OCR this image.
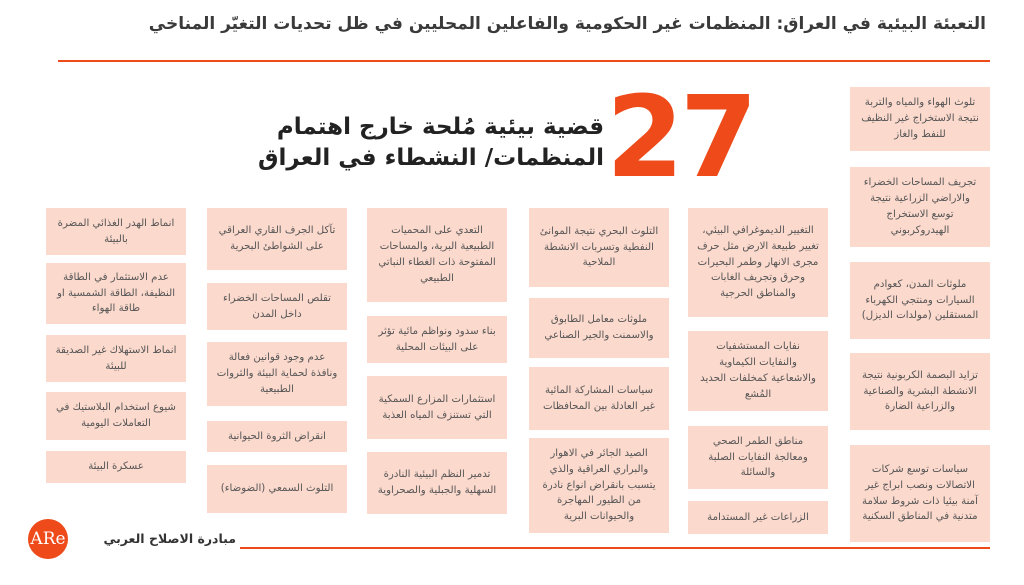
التعبئة البيئية في العراق: المنظمات غير الحكومية والفاعلين المحليين في ظل تحديات التغيّر المناخي
27
قضية بيئية مُلحة خارج اهتمام
المنظمات/ النشطاء في العراق
تلوث الهواء والمياه والتربة نتيجة الاستخراج غير النظيف للنفط والغاز
تجريف المساحات الخضراء والاراضي الزراعية نتيجة توسع الاستخراج الهيدروكربوني
ملوثات المدن، كعوادم السيارات ومنتجي الكهرباء المستقلين (مولدات الديزل)
تزايد البصمة الكربونية نتيجة الانشطة البشرية والصناعية والزراعية الضارة
سياسات توسع شركات الاتصالات ونصب ابراج غير آمنة بيئيا ذات شروط سلامة متدنية في المناطق السكنية
التغيير الديموغرافي البيئي، تغيير طبيعة الارض مثل حرف مجرى الانهار وطمر البحيرات وحرق وتجريف الغابات والمناطق الحرجية
نفايات المستشفيات والنفايات الكيماوية والاشعاعية كمخلفات الحديد المُشع
مناطق الطمر الصحي ومعالجة النفايات الصلبة والسائلة
الزراعات غير المستدامة
التلوث البحري نتيجة الموانئ النفطية وتسربات الانشطة الملاحية
ملوثات معامل الطابوق والاسمنت والجير الصناعي
سياسات المشاركة المائية غير العادلة بين المحافظات
الصيد الجائر في الاهوار والبراري العراقية والذي يتسبب بانقراض انواع نادرة من الطيور المهاجرة والحيوانات البرية
التعدي على المحميات الطبيعية البرية، والمساحات المفتوحة ذات الغطاء النباتي الطبيعي
بناء سدود ونواظم مائية تؤثر على البيئات المحلية
استثمارات المزارع السمكية التي تستنزف المياه العذبة
تدمير النظم البيئية النادرة السهلية والجبلية والصحراوية
تآكل الجرف القاري العراقي على الشواطئ البحرية
تقلص المساحات الخضراء داخل المدن
عدم وجود قوانين فعالة ونافذة لحماية البيئة والثروات الطبيعية
انقراض الثروة الحيوانية
التلوث السمعي (الضوضاء)
انماط الهدر الغذائي المضرة بالبيئة
عدم الاستثمار في الطاقة النظيفة، الطاقة الشمسية او طاقة الهواء
انماط الاستهلاك غير الصديقة للبيئة
شيوع استخدام البلاستيك في التعاملات اليومية
عسكرة البيئة
ARe	مبادرة الاصلاح العربي
